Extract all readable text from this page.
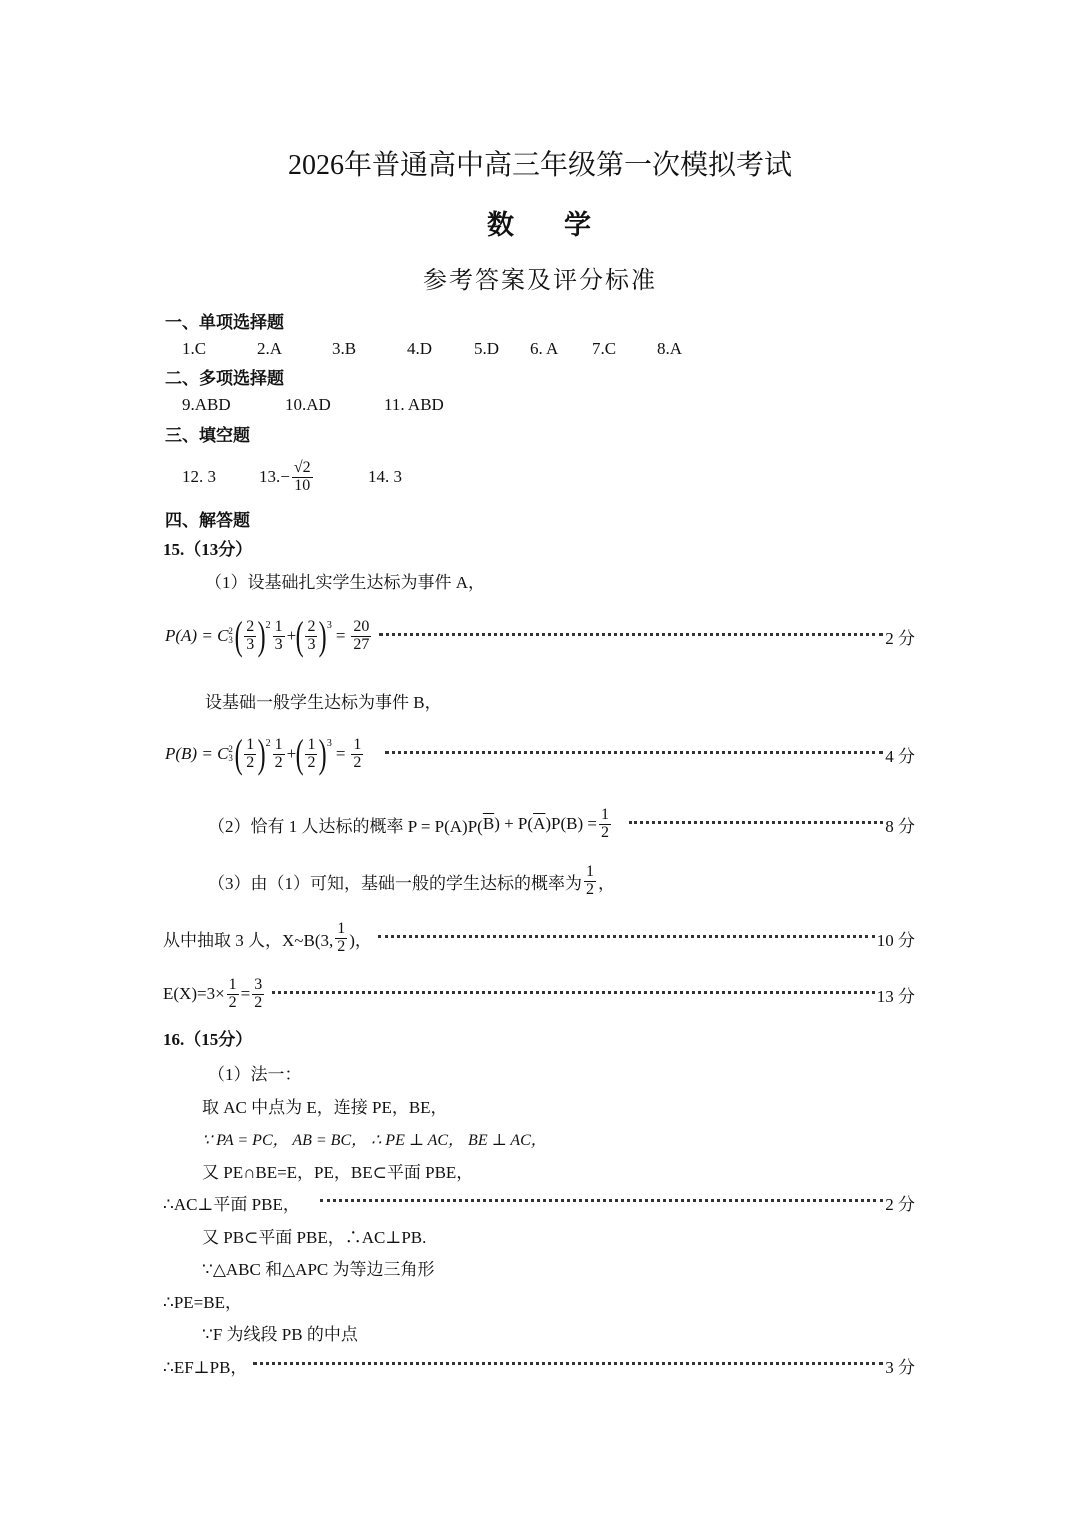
2026年普通高中高三年级第一次模拟考试
数 学
参考答案及评分标准
一、单项选择题
1.C	2.A	3.B	4.D 5.D 6. A 7.C 8.A
二、多项选择题
9.ABD	10.AD	11. ABD
三、填空题
12. 3	13. − $\frac{√2}{10}$	14. 3
四、解答题
15.（13分）
（1）设基础扎实学生达标为事件 A，
P(A) = C 2
3 ( $\frac{2}{3}$ ) $2 \frac{1}{3}$ + ( $\frac{2}{3}$ ) 3
= $\frac{20}{27}$	2 分
设基础一般学生达标为事件 B，
P(B) = C 2
3 ( $\frac{1}{2}$ ) $2 \frac{1}{2}$ + ( $\frac{1}{2}$ ) 3
= $\frac{1}{2}$	4 分
（2）恰有 1 人达标的概率 P = P(A)P( $\overline{B}$ ) + P( $\overline{A}$ )$P(B) = \frac{1}{2}$	8 分
（3）由（1）可知，基础一般的学生达标的概率为 $\frac{1}{2}$ ，
从中抽取 3 人，X~B(3, $\frac{1}{2}$ )，	10 分
$E(X)=3\times \frac{1}{2} = \frac{3}{2}$	13 分
16.（15分）
（1）法一：
取 AC 中点为 E，连接 PE，BE，
∵ PA = PC， AB = BC， ∴ PE ⊥ AC， BE ⊥ AC，
又 PE∩BE=E，PE，BE⊂平面 PBE，
∴AC⊥平面 PBE，	2 分
又 PB⊂平面 PBE，∴AC⊥PB.
∵△ABC 和△APC 为等边三角形
∴PE=BE，
∵F 为线段 PB 的中点
∴EF⊥PB，	3 分
